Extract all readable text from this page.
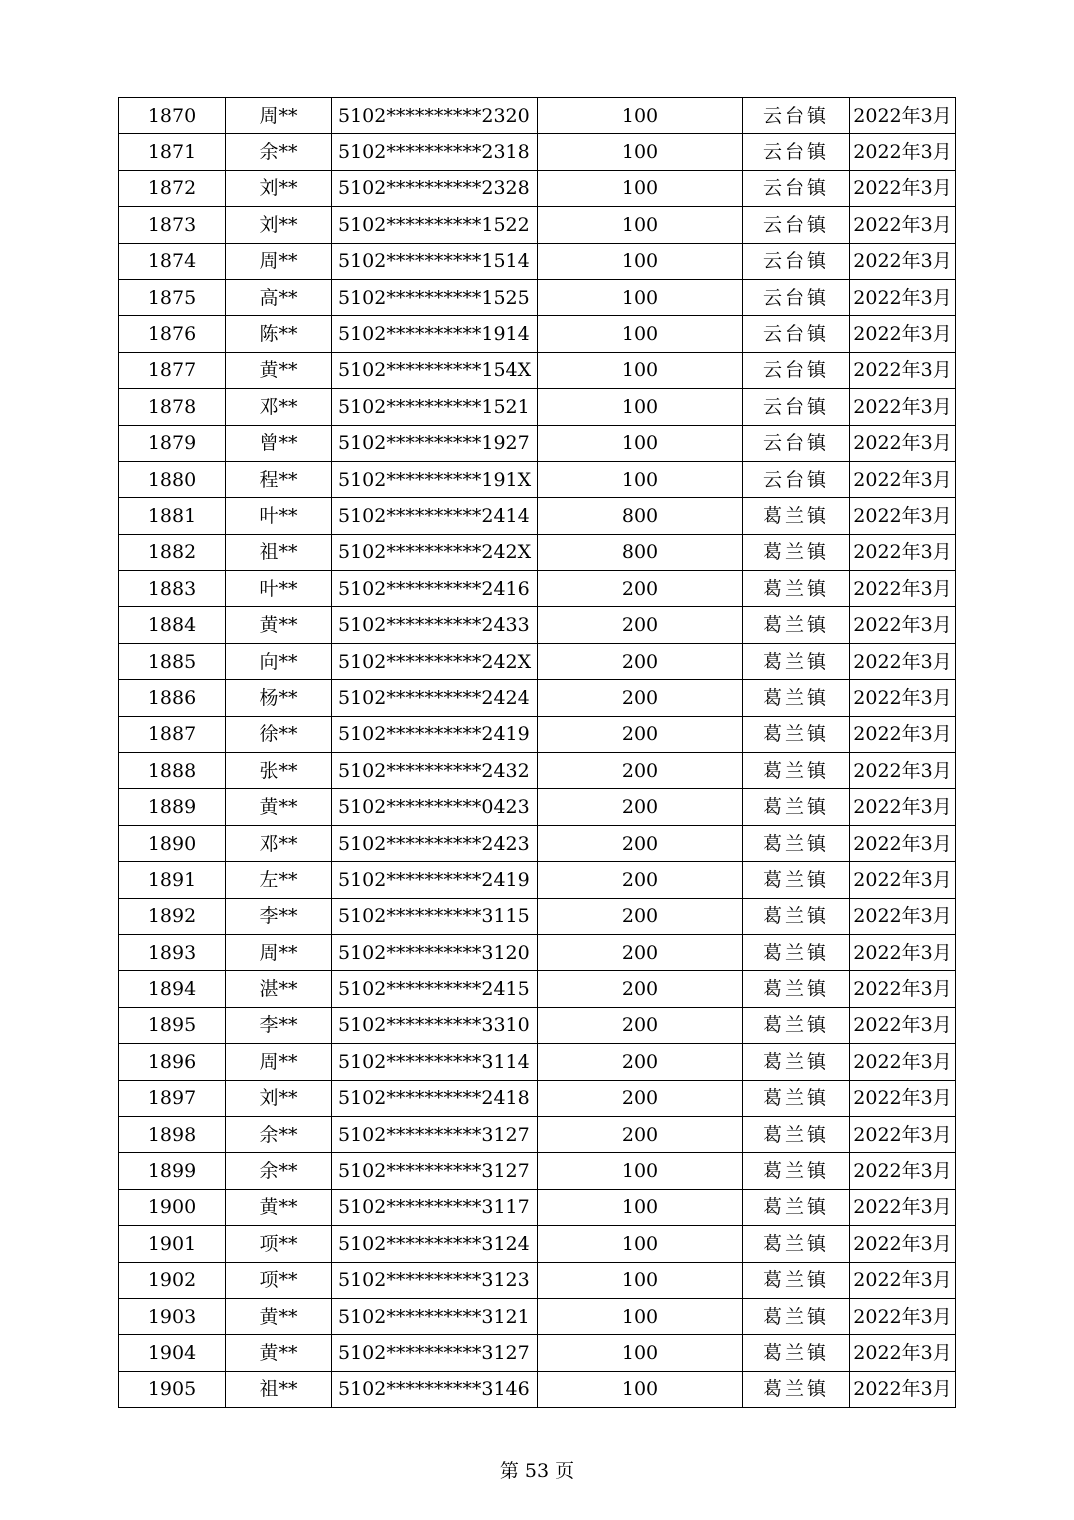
1870	周**	5102**********2320	100	云台镇	2022年3月
1871	余**	5102**********2318	100	云台镇	2022年3月
1872	刘**	5102**********2328	100	云台镇	2022年3月
1873	刘**	5102**********1522	100	云台镇	2022年3月
1874	周**	5102**********1514	100	云台镇	2022年3月
1875	高**	5102**********1525	100	云台镇	2022年3月
1876	陈**	5102**********1914	100	云台镇	2022年3月
1877	黄**	5102**********154X	100	云台镇	2022年3月
1878	邓**	5102**********1521	100	云台镇	2022年3月
1879	曾**	5102**********1927	100	云台镇	2022年3月
1880	程**	5102**********191X	100	云台镇	2022年3月
1881	叶**	5102**********2414	800	葛兰镇	2022年3月
1882	祖**	5102**********242X	800	葛兰镇	2022年3月
1883	叶**	5102**********2416	200	葛兰镇	2022年3月
1884	黄**	5102**********2433	200	葛兰镇	2022年3月
1885	向**	5102**********242X	200	葛兰镇	2022年3月
1886	杨**	5102**********2424	200	葛兰镇	2022年3月
1887	徐**	5102**********2419	200	葛兰镇	2022年3月
1888	张**	5102**********2432	200	葛兰镇	2022年3月
1889	黄**	5102**********0423	200	葛兰镇	2022年3月
1890	邓**	5102**********2423	200	葛兰镇	2022年3月
1891	左**	5102**********2419	200	葛兰镇	2022年3月
1892	李**	5102**********3115	200	葛兰镇	2022年3月
1893	周**	5102**********3120	200	葛兰镇	2022年3月
1894	湛**	5102**********2415	200	葛兰镇	2022年3月
1895	李**	5102**********3310	200	葛兰镇	2022年3月
1896	周**	5102**********3114	200	葛兰镇	2022年3月
1897	刘**	5102**********2418	200	葛兰镇	2022年3月
1898	余**	5102**********3127	200	葛兰镇	2022年3月
1899	余**	5102**********3127	100	葛兰镇	2022年3月
1900	黄**	5102**********3117	100	葛兰镇	2022年3月
1901	项**	5102**********3124	100	葛兰镇	2022年3月
1902	项**	5102**********3123	100	葛兰镇	2022年3月
1903	黄**	5102**********3121	100	葛兰镇	2022年3月
1904	黄**	5102**********3127	100	葛兰镇	2022年3月
1905	祖**	5102**********3146	100	葛兰镇	2022年3月
第 53 页
